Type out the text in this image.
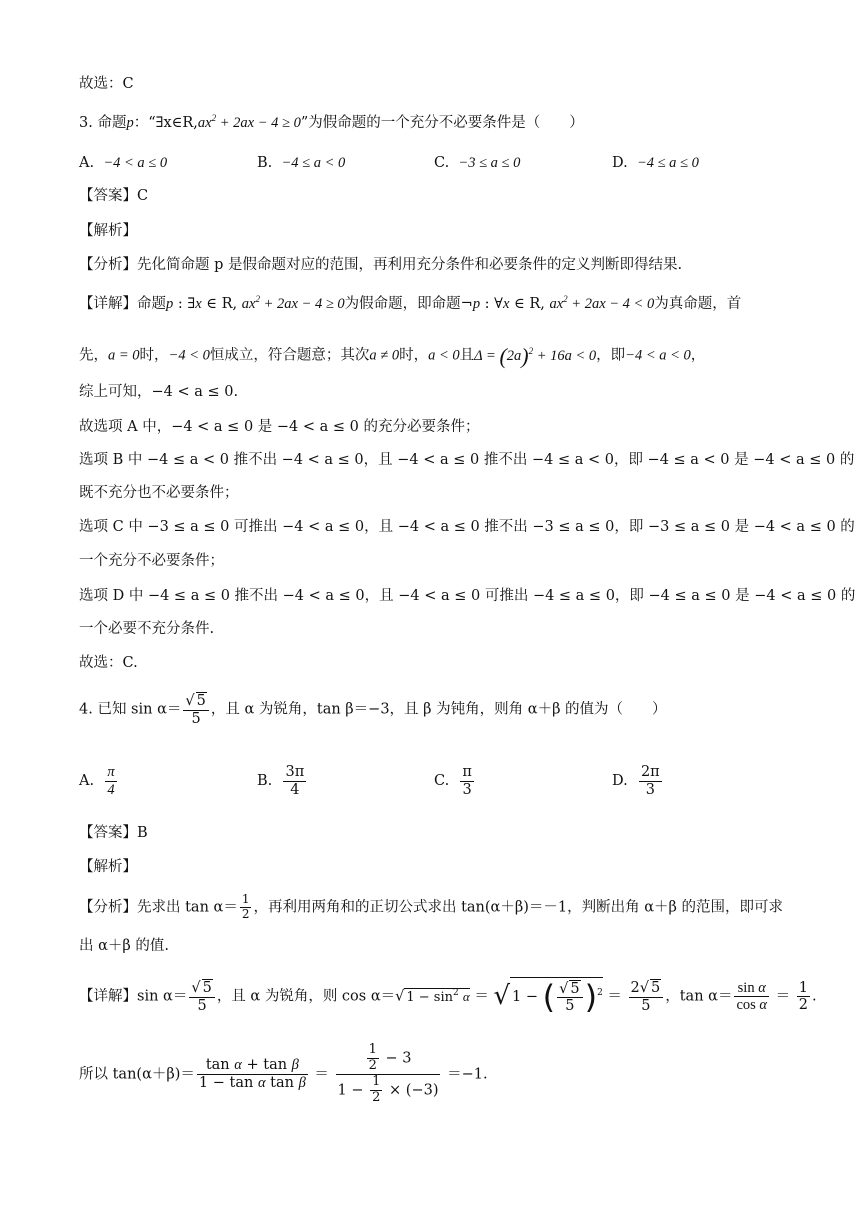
故选：C
3. 命题p：“$\exists x\in R,ax^2 + 2ax - 4 \ge 0$”为假命题的一个充分不必要条件是（　　）
A. −4 < a ≤ 0	B. −4 ≤ a < 0	C. −3 ≤ a ≤ 0	D. −4 ≤ a ≤ 0
【答案】C
【解析】
【分析】先化简命题 p 是假命题对应的范围，再利用充分条件和必要条件的定义判断即得结果.
【详解】命题p : ∃x ∈ R, $ax^2 + 2ax - 4 \ge 0$为假命题，即命题¬p : ∀x ∈ R, $ax^2 + 2ax - 4 < 0$为真命题，首
先，a = 0时，−4 < 0恒成立，符合题意；其次a ≠ 0时，a < 0且$\Delta = (2a)^2 + 16a < 0$，即−4 < a < 0，
综上可知，−4 < a ≤ 0.
故选项 A 中，−4 < a ≤ 0 是 −4 < a ≤ 0 的充分必要条件；
选项 B 中 −4 ≤ a < 0 推不出 −4 < a ≤ 0，且 −4 < a ≤ 0 推不出 −4 ≤ a < 0，即 −4 ≤ a < 0 是 −4 < a ≤ 0 的
既不充分也不必要条件；
选项 C 中 −3 ≤ a ≤ 0 可推出 −4 < a ≤ 0，且 −4 < a ≤ 0 推不出 −3 ≤ a ≤ 0，即 −3 ≤ a ≤ 0 是 −4 < a ≤ 0 的
一个充分不必要条件；
选项 D 中 −4 ≤ a ≤ 0 推不出 −4 < a ≤ 0，且 −4 < a ≤ 0 可推出 −4 ≤ a ≤ 0，即 −4 ≤ a ≤ 0 是 −4 < a ≤ 0 的
一个必要不充分条件.
故选：C.
4. 已知 $\sin \alpha= \frac{√ 5}{5}$ ，且 α 为锐角，tan β＝−3，且 β 为钝角，则角 α＋β 的值为（　　）
A. $\frac{\pi}{4}$	B. $\frac{3\pi}{4}$	C. $\frac{\pi}{3}$	D. $\frac{2\pi}{3}$
【答案】B
【解析】
【分析】先求出 $\tan \alpha= \frac{1}{2}$ ，再利用两角和的正切公式求出 tan(α＋β)＝－1，判断出角 α＋β 的范围，即可求
出 α＋β 的值.
【详解】$\sin \alpha= \frac{√ 5}{5}$ ，且 α 为锐角，则 cos α＝√ $1 - \sin^2 \alpha$ ＝ √ 1 − ( $\frac{√ 5}{5} )^2 = \frac{2√ 5}{5}$ ，$\tan \alpha= \frac{\text{sin α}}{\text{cos α}} = \frac{1}{2}$ .
所以 $\tan(\alpha+\beta)= \frac{\text{tan α + tan β}}{\text{1 − tan α tan β}} = \frac{\frac{1}{2} - 3}{1 - \frac{1}{2} \times (-3)} =-1$.
